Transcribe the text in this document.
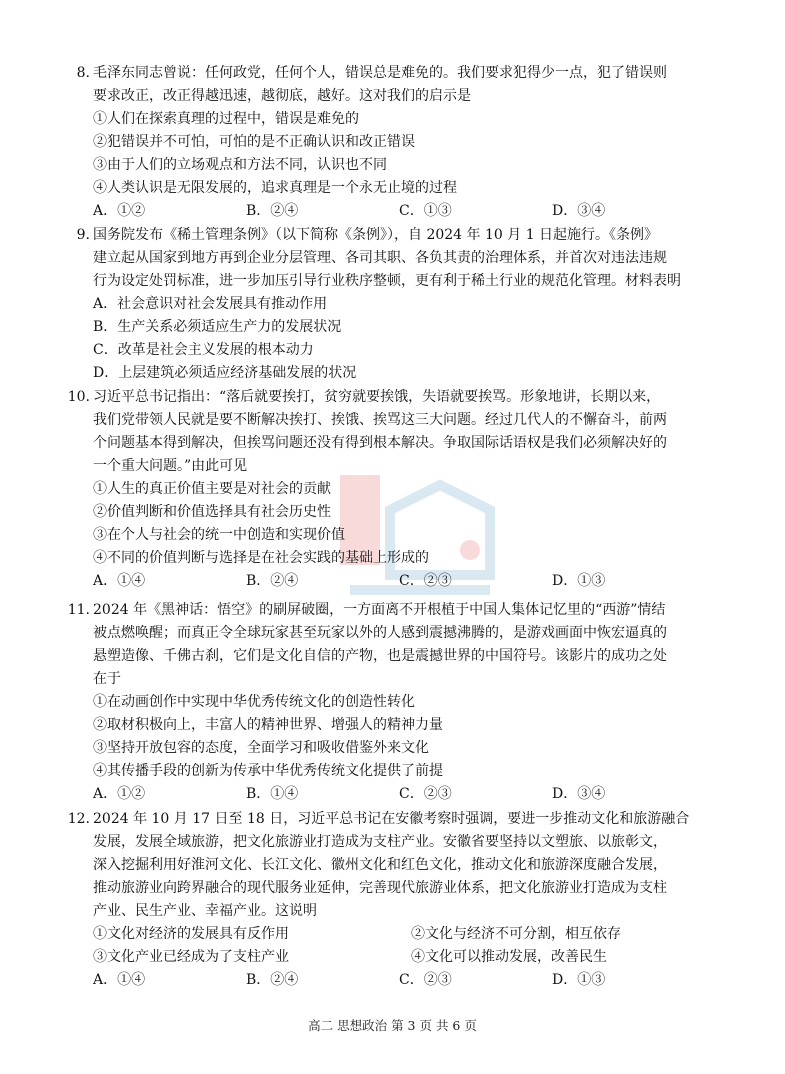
8. 毛泽东同志曾说：任何政党，任何个人，错误总是难免的。我们要求犯得少一点，犯了错误则
要求改正，改正得越迅速，越彻底，越好。这对我们的启示是
①人们在探索真理的过程中，错误是难免的
②犯错误并不可怕，可怕的是不正确认识和改正错误
③由于人们的立场观点和方法不同，认识也不同
④人类认识是无限发展的，追求真理是一个永无止境的过程
A．①②	B．②④	C．①③	D．③④
9. 国务院发布《稀土管理条例》（以下简称《条例》），自 2024 年 10 月 1 日起施行。《条例》
建立起从国家到地方再到企业分层管理、各司其职、各负其责的治理体系，并首次对违法违规
行为设定处罚标准，进一步加压引导行业秩序整顿，更有利于稀土行业的规范化管理。材料表明
A．社会意识对社会发展具有推动作用
B．生产关系必须适应生产力的发展状况
C．改革是社会主义发展的根本动力
D．上层建筑必须适应经济基础发展的状况
10. 习近平总书记指出：“落后就要挨打，贫穷就要挨饿，失语就要挨骂。形象地讲，长期以来，
我们党带领人民就是要不断解决挨打、挨饿、挨骂这三大问题。经过几代人的不懈奋斗，前两
个问题基本得到解决，但挨骂问题还没有得到根本解决。争取国际话语权是我们必须解决好的
一个重大问题。”由此可见
①人生的真正价值主要是对社会的贡献
②价值判断和价值选择具有社会历史性
③在个人与社会的统一中创造和实现价值
④不同的价值判断与选择是在社会实践的基础上形成的
A．①④	B．②④	C．②③	D．①③
11. 2024 年《黑神话：悟空》的刷屏破圈，一方面离不开根植于中国人集体记忆里的“西游”情结
被点燃唤醒；而真正令全球玩家甚至玩家以外的人感到震撼沸腾的，是游戏画面中恢宏逼真的
悬塑造像、千佛古刹，它们是文化自信的产物，也是震撼世界的中国符号。该影片的成功之处
在于
①在动画创作中实现中华优秀传统文化的创造性转化
②取材积极向上，丰富人的精神世界、增强人的精神力量
③坚持开放包容的态度，全面学习和吸收借鉴外来文化
④其传播手段的创新为传承中华优秀传统文化提供了前提
A．①②	B．①④	C．②③	D．③④
12. 2024 年 10 月 17 日至 18 日，习近平总书记在安徽考察时强调，要进一步推动文化和旅游融合
发展，发展全域旅游，把文化旅游业打造成为支柱产业。安徽省要坚持以文塑旅、以旅彰文，
深入挖掘利用好淮河文化、长江文化、徽州文化和红色文化，推动文化和旅游深度融合发展，
推动旅游业向跨界融合的现代服务业延伸，完善现代旅游业体系，把文化旅游业打造成为支柱
产业、民生产业、幸福产业。这说明
①文化对经济的发展具有反作用	②文化与经济不可分割，相互依存
③文化产业已经成为了支柱产业	④文化可以推动发展，改善民生
A．①④	B．②④	C．②③	D．①③
高二 思想政治 第 3 页 共 6 页
